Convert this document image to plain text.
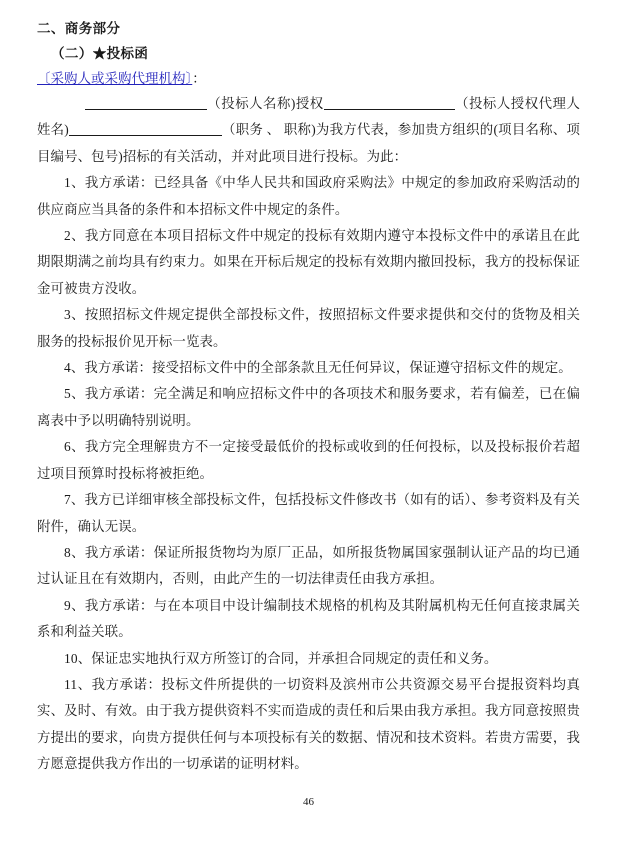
二、商务部分
（二）★投标函

〔采购人或采购代理机构〕：

（投标人名称)授权	（投标人授权代理人姓名)	（职务 、 职称)为我方代表，参加贵方组织的(项目名称、项目编号、包号)招标的有关活动，并对此项目进行投标。为此：

1、我方承诺：已经具备《中华人民共和国政府采购法》中规定的参加政府采购活动的供应商应当具备的条件和本招标文件中规定的条件。

2、我方同意在本项目招标文件中规定的投标有效期内遵守本投标文件中的承诺且在此期限期满之前均具有约束力。如果在开标后规定的投标有效期内撤回投标，我方的投标保证金可被贵方没收。

3、按照招标文件规定提供全部投标文件，按照招标文件要求提供和交付的货物及相关服务的投标报价见开标一览表。

4、我方承诺：接受招标文件中的全部条款且无任何异议，保证遵守招标文件的规定。

5、我方承诺：完全满足和响应招标文件中的各项技术和服务要求，若有偏差，已在偏离表中予以明确特别说明。

6、我方完全理解贵方不一定接受最低价的投标或收到的任何投标，以及投标报价若超过项目预算时投标将被拒绝。

7、我方已详细审核全部投标文件，包括投标文件修改书（如有的话）、参考资料及有关附件，确认无误。

8、我方承诺：保证所报货物均为原厂正品，如所报货物属国家强制认证产品的均已通过认证且在有效期内，否则，由此产生的一切法律责任由我方承担。

9、我方承诺：与在本项目中设计编制技术规格的机构及其附属机构无任何直接隶属关系和利益关联。

10、保证忠实地执行双方所签订的合同，并承担合同规定的责任和义务。

11、我方承诺：投标文件所提供的一切资料及滨州市公共资源交易平台提报资料均真实、及时、有效。由于我方提供资料不实而造成的责任和后果由我方承担。我方同意按照贵方提出的要求，向贵方提供任何与本项投标有关的数据、情况和技术资料。若贵方需要，我方愿意提供我方作出的一切承诺的证明材料。

46
